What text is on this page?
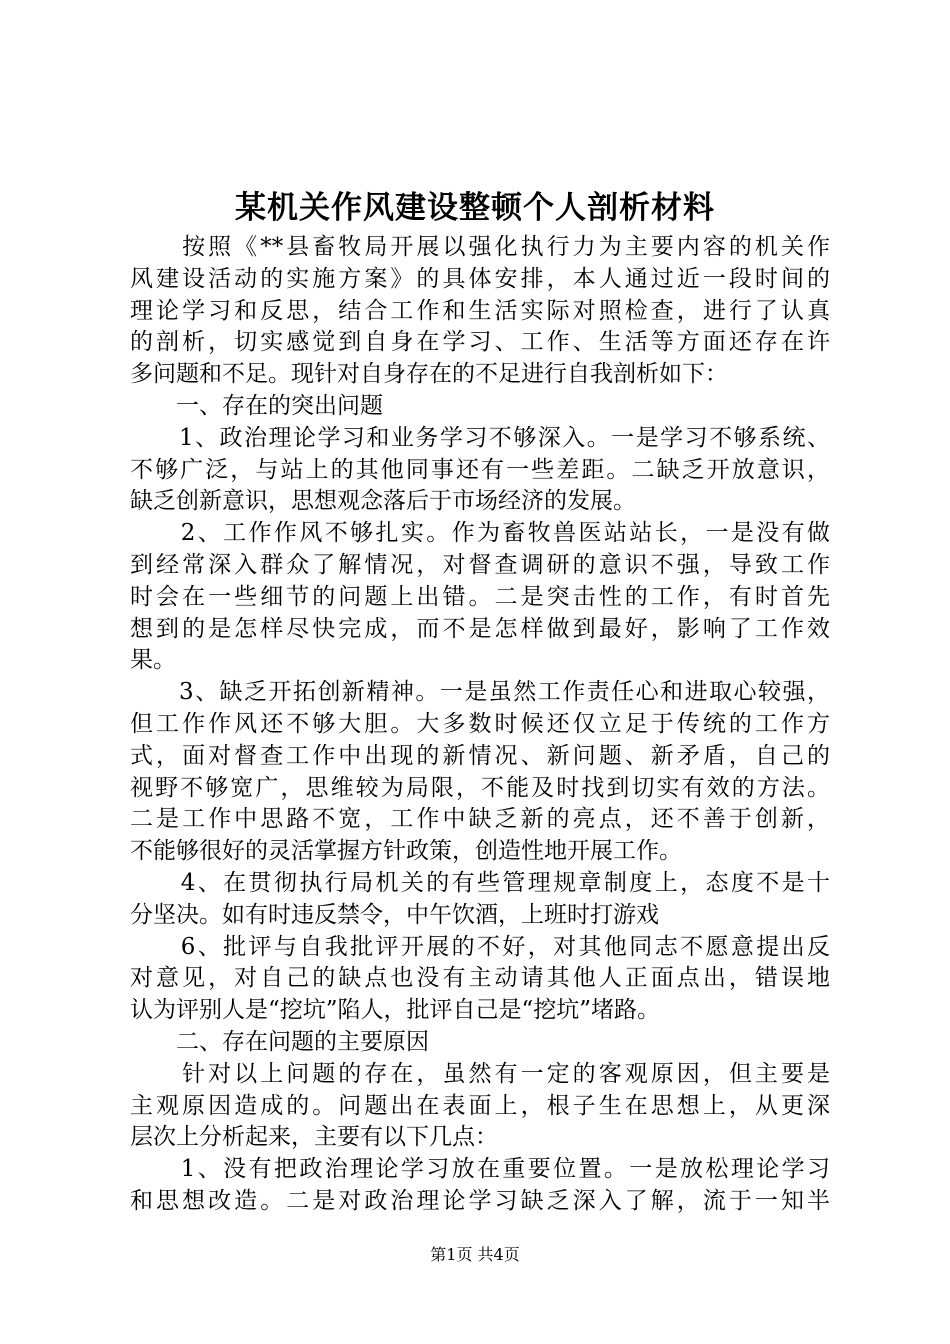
某机关作风建设整顿个人剖析材料
　　按照《**县畜牧局开展以强化执行力为主要内容的机关作
风建设活动的实施方案》的具体安排，本人通过近一段时间的
理论学习和反思，结合工作和生活实际对照检查，进行了认真
的剖析，切实感觉到自身在学习、工作、生活等方面还存在许
多问题和不足。现针对自身存在的不足进行自我剖析如下：
　　一、存在的突出问题
　　1、政治理论学习和业务学习不够深入。一是学习不够系统、
不够广泛，与站上的其他同事还有一些差距。二缺乏开放意识，
缺乏创新意识，思想观念落后于市场经济的发展。
　　2、工作作风不够扎实。作为畜牧兽医站站长，一是没有做
到经常深入群众了解情况，对督查调研的意识不强，导致工作
时会在一些细节的问题上出错。二是突击性的工作，有时首先
想到的是怎样尽快完成，而不是怎样做到最好，影响了工作效
果。
　　3、缺乏开拓创新精神。一是虽然工作责任心和进取心较强，
但工作作风还不够大胆。大多数时候还仅立足于传统的工作方
式，面对督查工作中出现的新情况、新问题、新矛盾，自己的
视野不够宽广，思维较为局限，不能及时找到切实有效的方法。
二是工作中思路不宽，工作中缺乏新的亮点，还不善于创新，
不能够很好的灵活掌握方针政策，创造性地开展工作。
　　4、在贯彻执行局机关的有些管理规章制度上，态度不是十
分坚决。如有时违反禁令，中午饮酒，上班时打游戏
　　6、批评与自我批评开展的不好，对其他同志不愿意提出反
对意见，对自己的缺点也没有主动请其他人正面点出，错误地
认为评别人是“挖坑”陷人，批评自己是“挖坑”堵路。
　　二、存在问题的主要原因
　　针对以上问题的存在，虽然有一定的客观原因，但主要是
主观原因造成的。问题出在表面上，根子生在思想上，从更深
层次上分析起来，主要有以下几点：
　　1、没有把政治理论学习放在重要位置。一是放松理论学习
和思想改造。二是对政治理论学习缺乏深入了解，流于一知半
第1页 共4页
